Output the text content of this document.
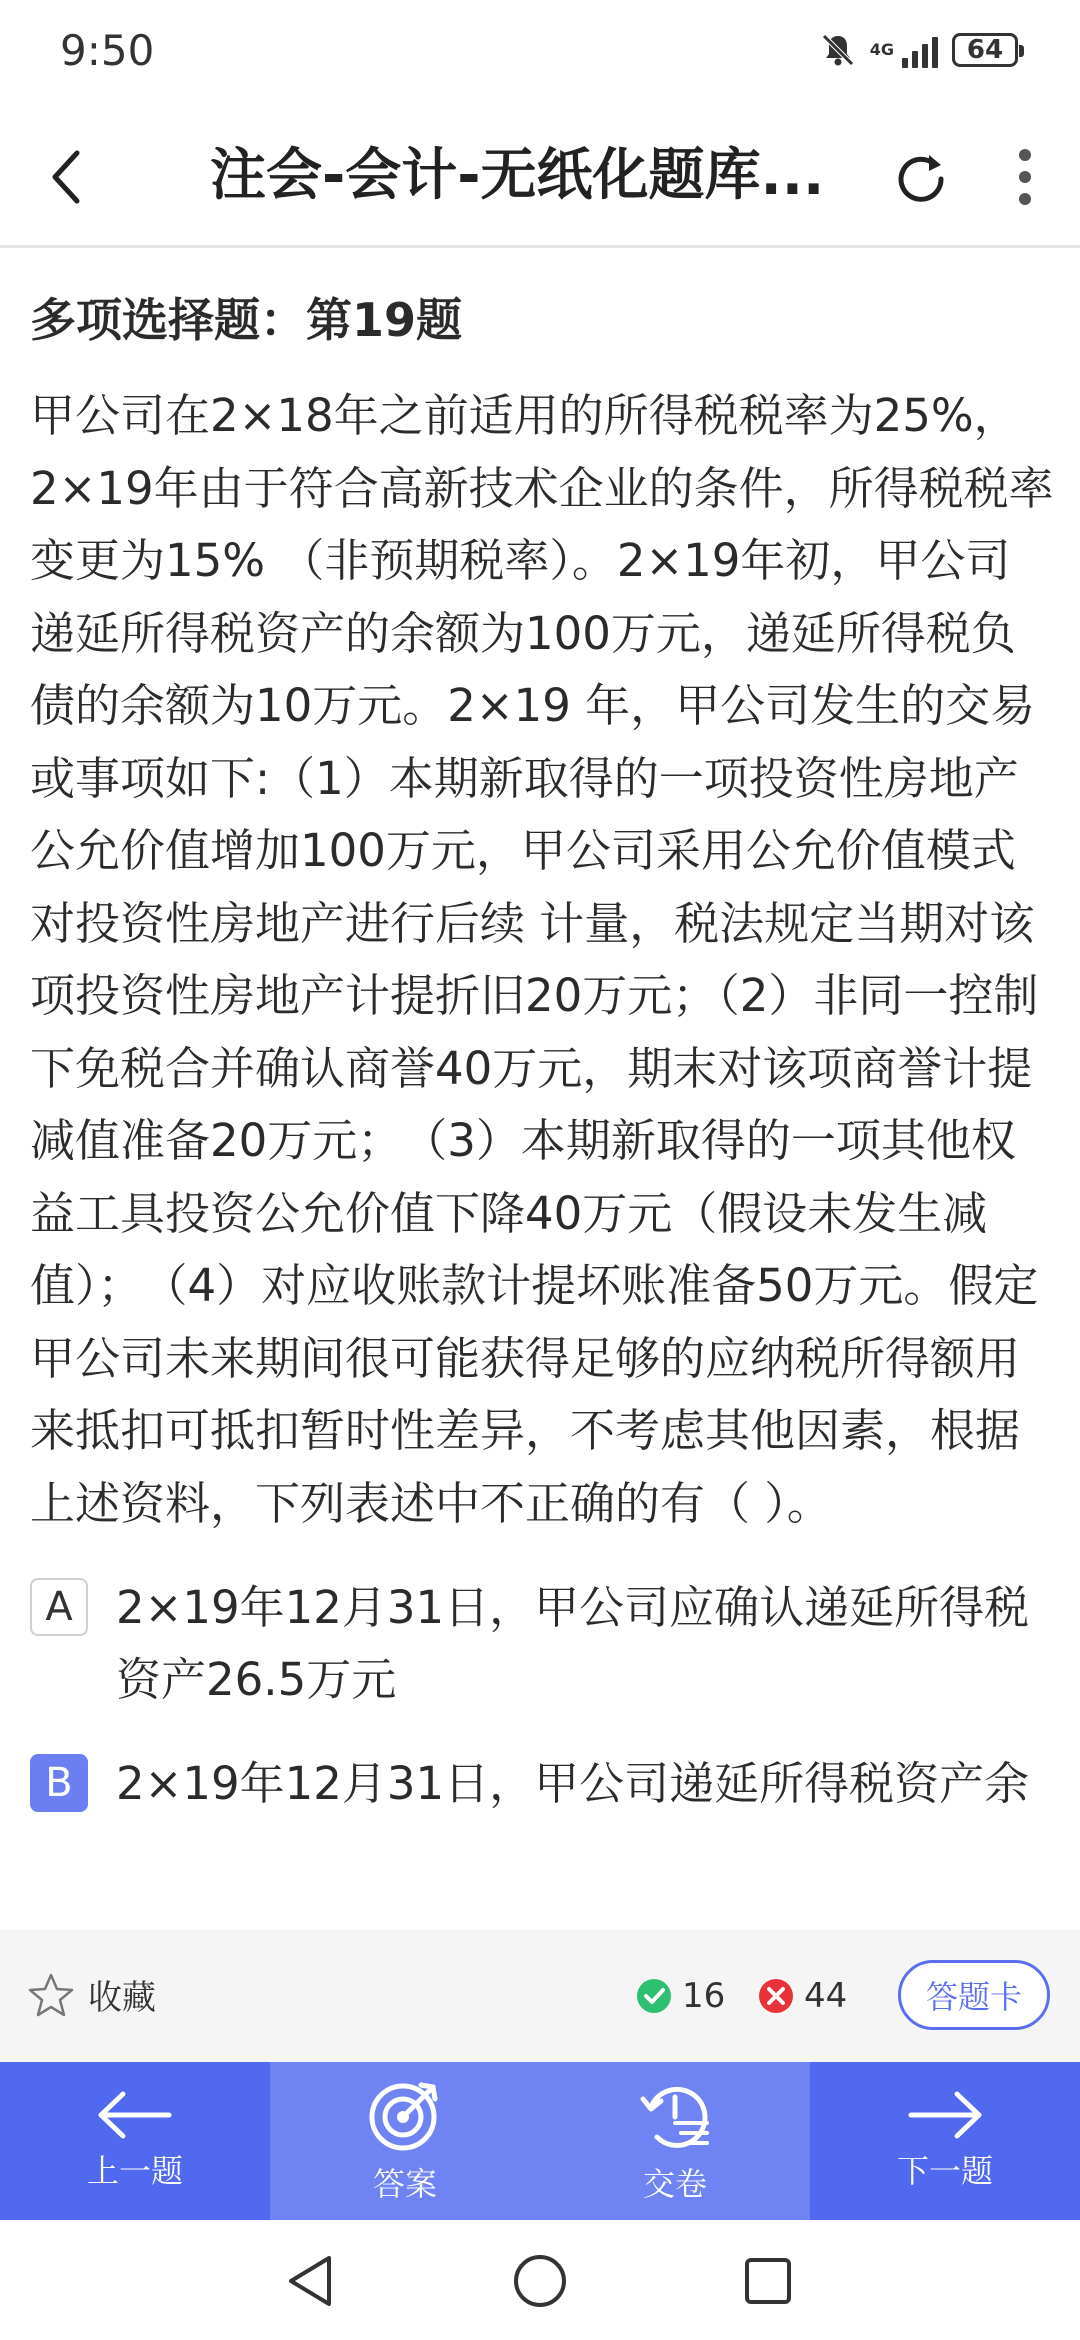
9:50	4G	64
注会-会计-无纸化题库...
多项选择题：第19题

甲公司在2×18年之前适用的所得税税率为25%，2×19年由于符合高新技术企业的条件，所得税税率变更为15% （非预期税率）。2×19年初，甲公司递延所得税资产的余额为100万元，递延所得税负债的余额为10万元。2×19 年，甲公司发生的交易或事项如下:（1）本期新取得的一项投资性房地产公允价值增加100万元，甲公司采用公允价值模式对投资性房地产进行后续 计量，税法规定当期对该项投资性房地产计提折旧20万元；（2）非同一控制下免税合并确认商誉40万元，期末对该项商誉计提减值准备20万元；　（3）本期新取得的一项其他权益工具投资公允价值下降40万元（假设未发生减值）；　（4）对应收账款计提坏账准备50万元。假定甲公司未来期间很可能获得足够的应纳税所得额用来抵扣可抵扣暂时性差异，不考虑其他因素，根据上述资料，下列表述中不正确的有（ ）。

A 2×19年12月31日，甲公司应确认递延所得税资产26.5万元
B 2×19年12月31日，甲公司递延所得税资产余
收藏	16 44	答题卡
上一题	答案	交卷	下一题
